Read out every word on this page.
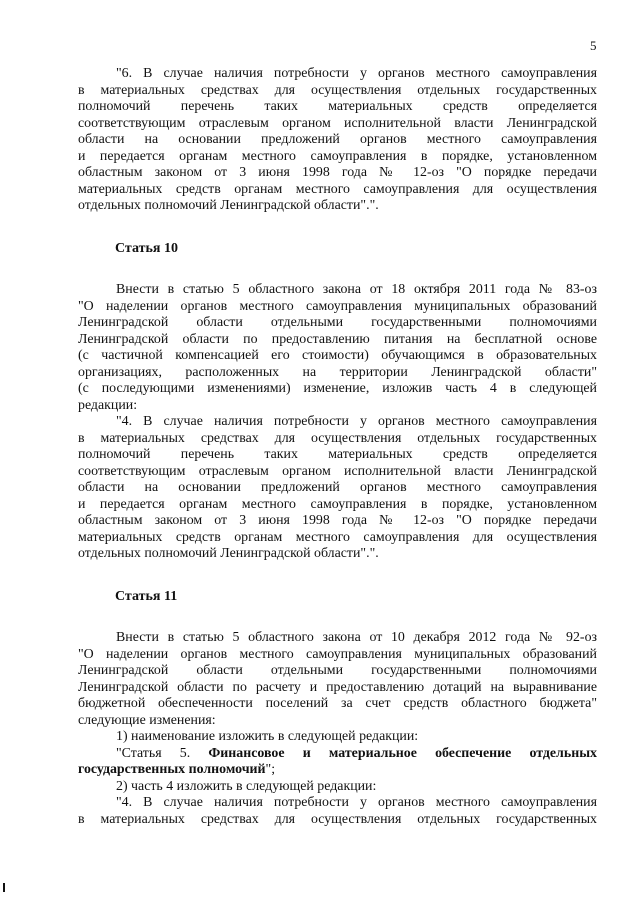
5
"6. В случае наличия потребности у органов местного самоуправления
в материальных средствах для осуществления отдельных государственных
полномочий перечень таких материальных средств определяется
соответствующим отраслевым органом исполнительной власти Ленинградской
области на основании предложений органов местного самоуправления
и передается органам местного самоуправления в порядке, установленном
областным законом от 3 июня 1998 года № 12-оз "О порядке передачи
материальных средств органам местного самоуправления для осуществления
отдельных полномочий Ленинградской области".".
Статья 10
Внести в статью 5 областного закона от 18 октября 2011 года № 83-оз
"О наделении органов местного самоуправления муниципальных образований
Ленинградской области отдельными государственными полномочиями
Ленинградской области по предоставлению питания на бесплатной основе
(с частичной компенсацией его стоимости) обучающимся в образовательных
организациях, расположенных на территории Ленинградской области"
(с последующими изменениями) изменение, изложив часть 4 в следующей
редакции:
"4. В случае наличия потребности у органов местного самоуправления
в материальных средствах для осуществления отдельных государственных
полномочий перечень таких материальных средств определяется
соответствующим отраслевым органом исполнительной власти Ленинградской
области на основании предложений органов местного самоуправления
и передается органам местного самоуправления в порядке, установленном
областным законом от 3 июня 1998 года № 12-оз "О порядке передачи
материальных средств органам местного самоуправления для осуществления
отдельных полномочий Ленинградской области".".
Статья 11
Внести в статью 5 областного закона от 10 декабря 2012 года № 92-оз
"О наделении органов местного самоуправления муниципальных образований
Ленинградской области отдельными государственными полномочиями
Ленинградской области по расчету и предоставлению дотаций на выравнивание
бюджетной обеспеченности поселений за счет средств областного бюджета"
следующие изменения:
1) наименование изложить в следующей редакции:
"Статья 5. Финансовое и материальное обеспечение отдельных
государственных полномочий";
2) часть 4 изложить в следующей редакции:
"4. В случае наличия потребности у органов местного самоуправления
в материальных средствах для осуществления отдельных государственных
